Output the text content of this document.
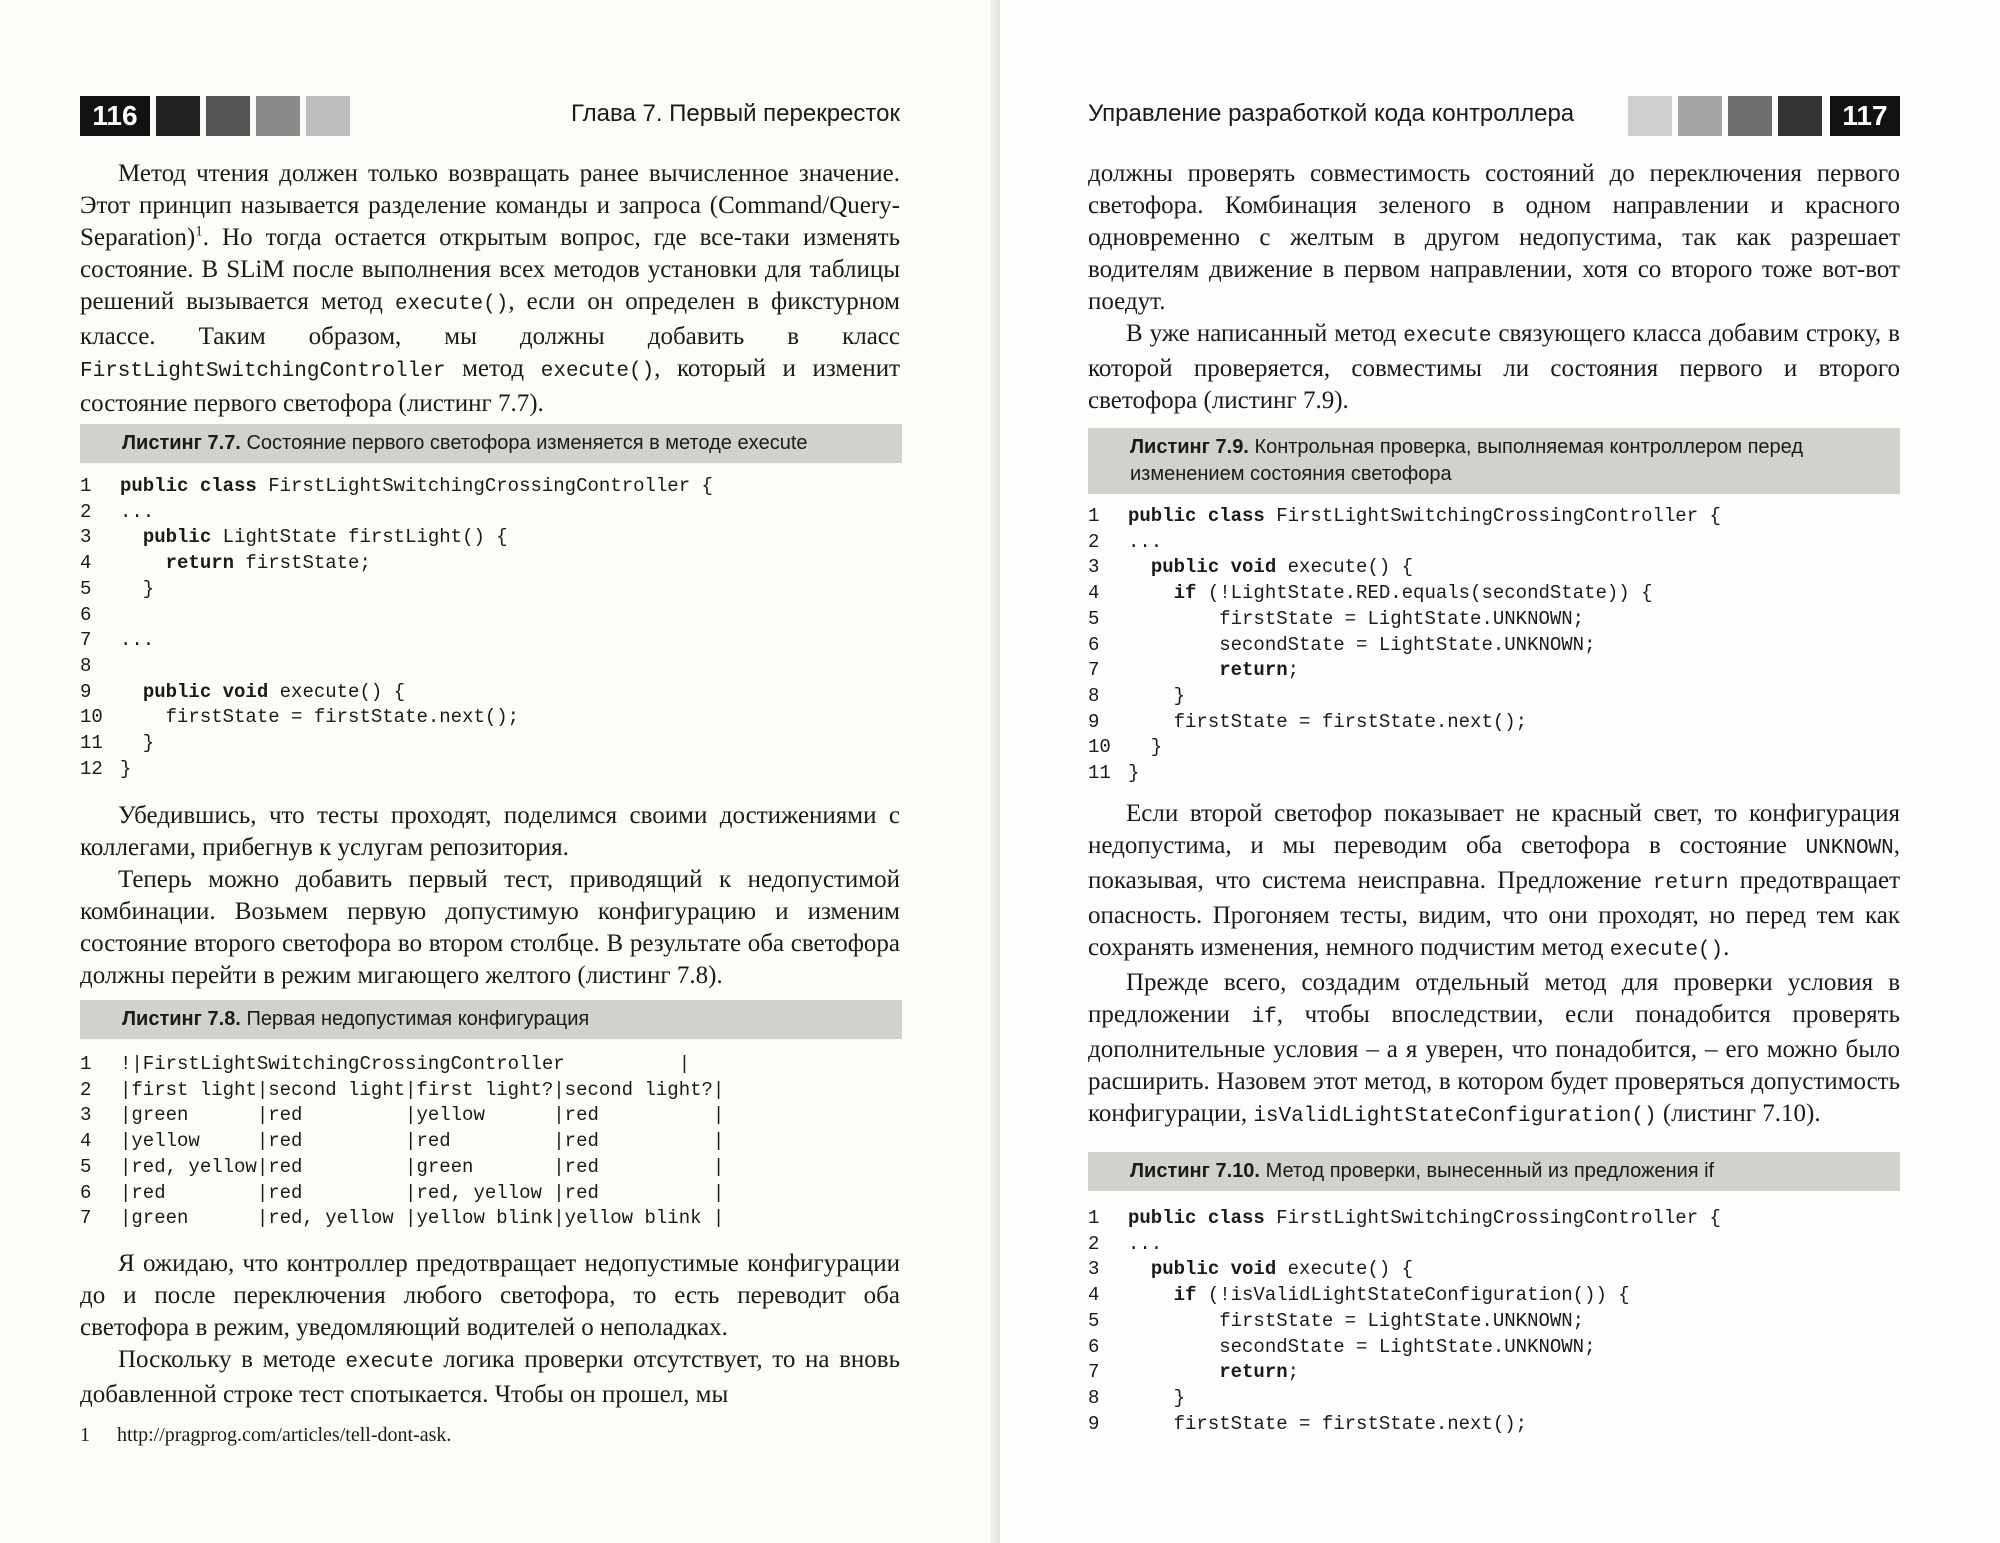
116	Глава 7. Первый перекресток

Метод чтения должен только возвращать ранее вычисленное значение. Этот принцип называется разделение команды и запроса (Command/Query-Separation)$^1$. Но тогда остается открытым вопрос, где все-таки изменять состояние. В SLiM после выполнения всех методов установки для таблицы решений вызывается метод execute(), если он определен в фикстурном классе. Таким образом, мы должны добавить в класс FirstLightSwitchingController метод execute(), который и изменит состояние первого светофора (листинг 7.7).

Листинг 7.7. Состояние первого светофора изменяется в методе execute
1 public class FirstLightSwitchingCrossingController {
2 ...
3	public LightState firstLight() {
4	return firstState;
5  }
6
7 ...
8
9	public void execute() {
10    firstState = firstState.next();
11  }
12 }

Убедившись, что тесты проходят, поделимся своими достижениями с коллегами, прибегнув к услугам репозитория.

Теперь можно добавить первый тест, приводящий к недопустимой комбинации. Возьмем первую допустимую конфигурацию и изменим состояние второго светофора во втором столбце. В результате оба светофора должны перейти в режим мигающего желтого (листинг 7.8).

Листинг 7.8. Первая недопустимая конфигурация
1 !|FirstLightSwitchingCrossingController          |
2 |first light|second light|first light?|second light?|
3 |green      |red         |yellow      |red          |
4 |yellow     |red         |red         |red          |
5 |red, yellow|red         |green       |red          |
6 |red        |red         |red, yellow |red          |
7 |green      |red, yellow |yellow blink|yellow blink |

Я ожидаю, что контроллер предотвращает недопустимые конфигурации до и после переключения любого светофора, то есть переводит оба светофора в режим, уведомляющий водителей о неполадках.

Поскольку в методе execute логика проверки отсутствует, то на вновь добавленной строке тест спотыкается. Чтобы он прошел, мы

1 http://pragprog.com/articles/tell-dont-ask.
Управление разработкой кода контроллера	117

должны проверять совместимость состояний до переключения первого светофора. Комбинация зеленого в одном направлении и красного одновременно с желтым в другом недопустима, так как разрешает водителям движение в первом направлении, хотя со второго тоже вот-вот поедут.

В уже написанный метод execute связующего класса добавим строку, в которой проверяется, совместимы ли состояния первого и второго светофора (листинг 7.9).

Листинг 7.9. Контрольная проверка, выполняемая контроллером перед изменением состояния светофора
1 public class FirstLightSwitchingCrossingController {
2 ...
3	public void execute() {
4	if (!LightState.RED.equals(secondState)) {
5        firstState = LightState.UNKNOWN;
6        secondState = LightState.UNKNOWN;
7	return;
8    }
9    firstState = firstState.next();
10  }
11 }

Если второй светофор показывает не красный свет, то конфигурация недопустима, и мы переводим оба светофора в состояние UNKNOWN, показывая, что система неисправна. Предложение return предотвращает опасность. Прогоняем тесты, видим, что они проходят, но перед тем как сохранять изменения, немного подчистим метод execute().

Прежде всего, создадим отдельный метод для проверки условия в предложении if, чтобы впоследствии, если понадобится проверять дополнительные условия – а я уверен, что понадобится, – его можно было расширить. Назовем этот метод, в котором будет проверяться допустимость конфигурации, isValidLightStateConfiguration() (листинг 7.10).

Листинг 7.10. Метод проверки, вынесенный из предложения if
1 public class FirstLightSwitchingCrossingController {
2 ...
3	public void execute() {
4	if (!isValidLightStateConfiguration()) {
5        firstState = LightState.UNKNOWN;
6        secondState = LightState.UNKNOWN;
7	return;
8    }
9    firstState = firstState.next();
